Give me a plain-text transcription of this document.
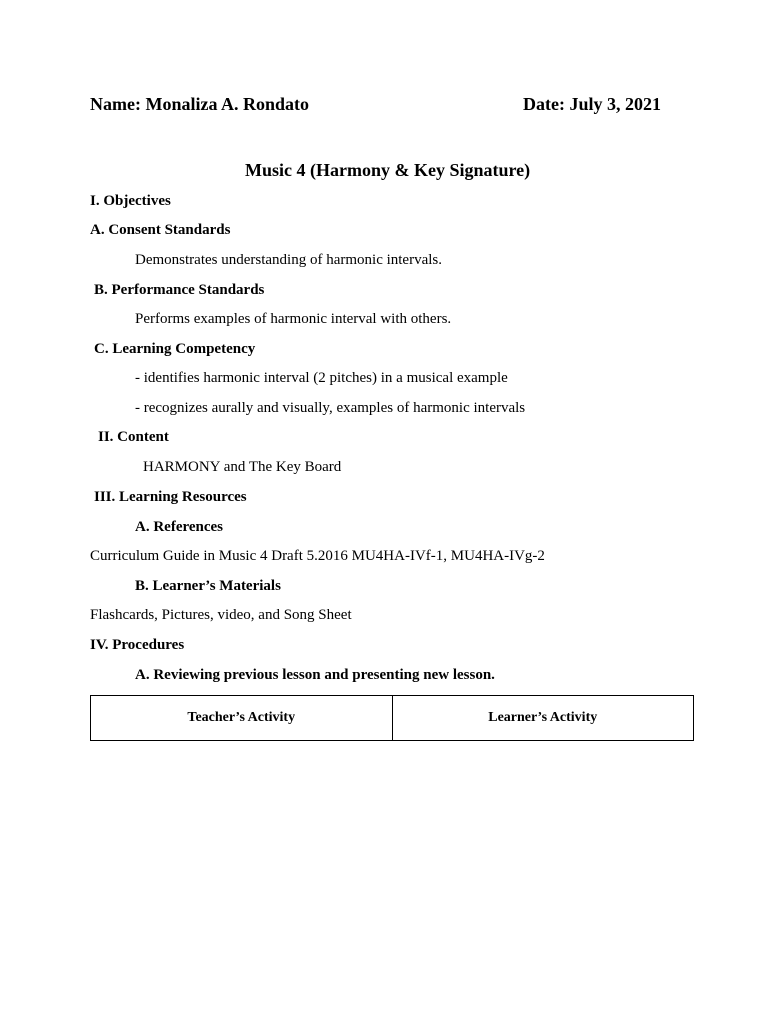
Name: Monaliza A. Rondato	Date: July 3, 2021
Music 4 (Harmony & Key Signature)
I. Objectives
A. Consent Standards
Demonstrates understanding of harmonic intervals.
B. Performance Standards
Performs examples of harmonic interval with others.
C. Learning Competency
- identifies harmonic interval (2 pitches) in a musical example
- recognizes aurally and visually, examples of harmonic intervals
II. Content
HARMONY and The Key Board
III. Learning Resources
A. References
Curriculum Guide in Music 4 Draft 5.2016 MU4HA-IVf-1, MU4HA-IVg-2
B. Learner’s Materials
Flashcards, Pictures, video, and Song Sheet
IV. Procedures
A. Reviewing previous lesson and presenting new lesson.
Teacher’s Activity	Learner’s Activity
